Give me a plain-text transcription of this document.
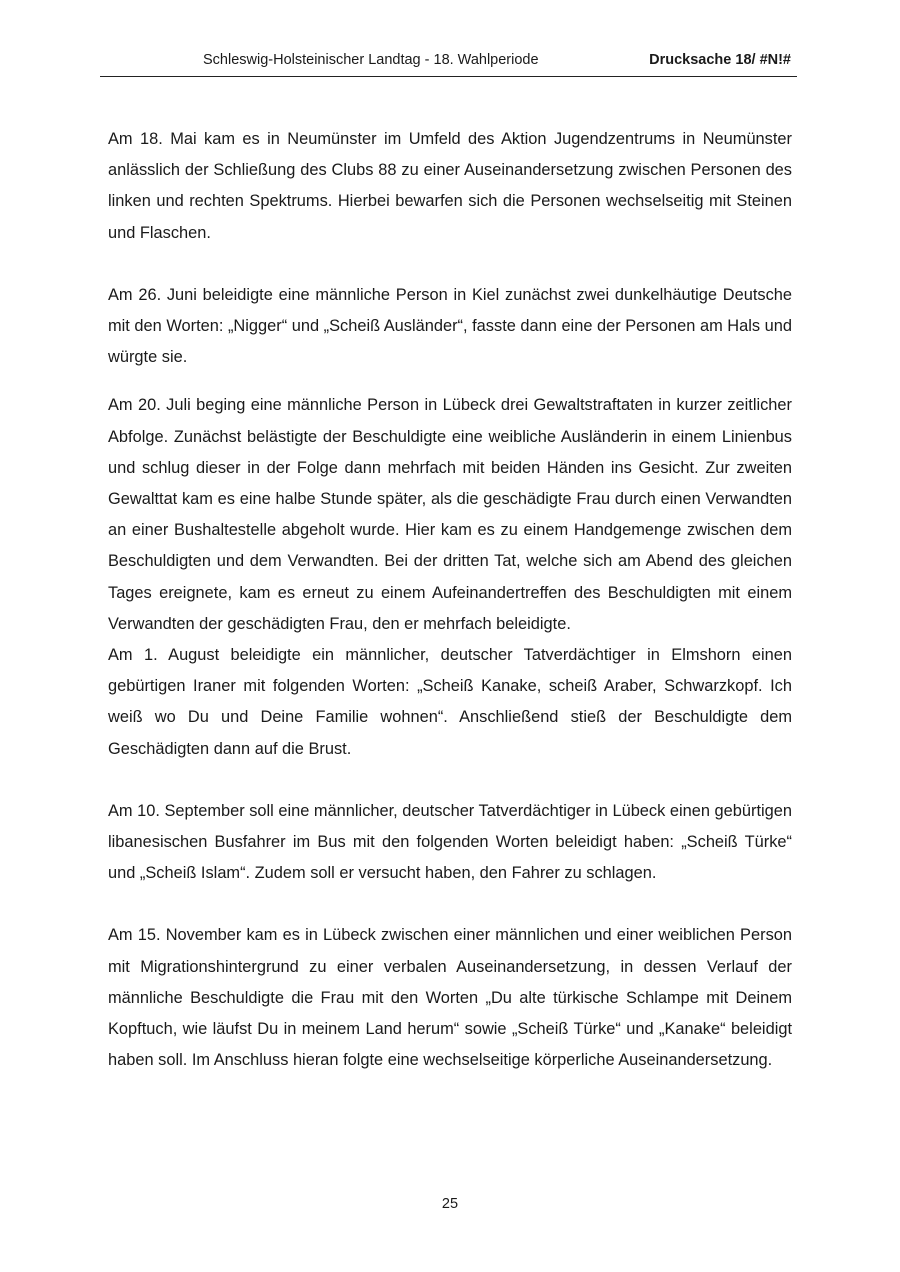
Schleswig-Holsteinischer Landtag - 18. Wahlperiode	Drucksache 18/ #N!#

Am 18. Mai kam es in Neumünster im Umfeld des Aktion Jugendzentrums in Neumünster anlässlich der Schließung des Clubs 88 zu einer Auseinandersetzung zwischen Personen des linken und rechten Spektrums. Hierbei bewarfen sich die Personen wechselseitig mit Steinen und Flaschen.

Am 26. Juni beleidigte eine männliche Person in Kiel zunächst zwei dunkelhäutige Deutsche mit den Worten: „Nigger“ und „Scheiß Ausländer“, fasste dann eine der Personen am Hals und würgte sie.

Am 20. Juli beging eine männliche Person in Lübeck drei Gewaltstraftaten in kurzer zeitlicher Abfolge. Zunächst belästigte der Beschuldigte eine weibliche Ausländerin in einem Linienbus und schlug dieser in der Folge dann mehrfach mit beiden Händen ins Gesicht. Zur zweiten Gewalttat kam es eine halbe Stunde später, als die geschädigte Frau durch einen Verwandten an einer Bushaltestelle abgeholt wurde. Hier kam es zu einem Handgemenge zwischen dem Beschuldigten und dem Verwandten. Bei der dritten Tat, welche sich am Abend des gleichen Tages ereignete, kam es erneut zu einem Aufeinandertreffen des Beschuldigten mit einem Verwandten der geschädigten Frau, den er mehrfach beleidigte.

Am 1. August beleidigte ein männlicher, deutscher Tatverdächtiger in Elmshorn einen gebürtigen Iraner mit folgenden Worten: „Scheiß Kanake, scheiß Araber, Schwarzkopf. Ich weiß wo Du und Deine Familie wohnen“. Anschließend stieß der Beschuldigte dem Geschädigten dann auf die Brust.

Am 10. September soll eine männlicher, deutscher Tatverdächtiger in Lübeck einen gebürtigen libanesischen Busfahrer im Bus mit den folgenden Worten beleidigt haben: „Scheiß Türke“ und „Scheiß Islam“. Zudem soll er versucht haben, den Fahrer zu schlagen.

Am 15. November kam es in Lübeck zwischen einer männlichen und einer weiblichen Person mit Migrationshintergrund zu einer verbalen Auseinandersetzung, in dessen Verlauf der männliche Beschuldigte die Frau mit den Worten „Du alte türkische Schlampe mit Deinem Kopftuch, wie läufst Du in meinem Land herum“ sowie „Scheiß Türke“ und „Kanake“ beleidigt haben soll. Im Anschluss hieran folgte eine wechselseitige körperliche Auseinandersetzung.

25
